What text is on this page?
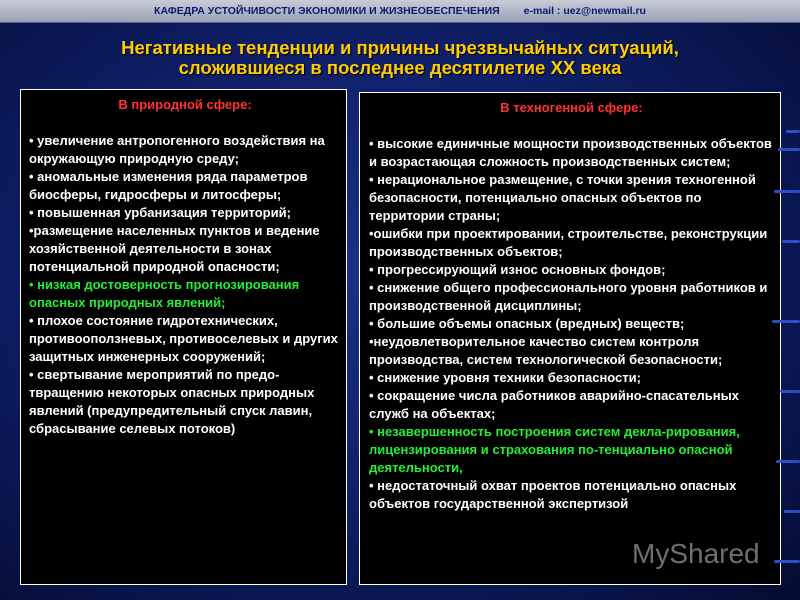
КАФЕДРА УСТОЙЧИВОСТИ ЭКОНОМИКИ И ЖИЗНЕОБЕСПЕЧЕНИЯ e-mail : uez@newmail.ru
Негативные тенденции и причины чрезвычайных ситуаций,
сложившиеся в последнее десятилетие XX века
В природной сфере:

• увеличение антропогенного воздействия на окружающую природную среду;

• аномальные изменения ряда параметров биосферы, гидросферы и литосферы;

• повышенная урбанизация территорий;

•размещение населенных пунктов и ведение хозяйственной деятельности в зонах потенциальной природной опасности;

• низкая достоверность прогнозирования опасных природных явлений;

• плохое состояние гидротехнических, противооползневых, противоселевых и других защитных инженерных сооружений;

• свертывание мероприятий по предо-твращению некоторых опасных природных явлений (предупредительный спуск лавин, сбрасывание селевых потоков)

В техногенной сфере:

• высокие единичные мощности производственных объектов и возрастающая сложность производственных систем;

• нерациональное размещение, с точки зрения техногенной безопасности, потенциально опасных объектов по территории страны;

•ошибки при проектировании, строительстве, реконструкции производственных объектов;

• прогрессирующий износ основных фондов;

• снижение общего профессионального уровня работников и производственной дисциплины;

• большие объемы опасных (вредных) веществ;

•неудовлетворительное качество систем контроля производства, систем технологической безопасности;

• снижение уровня техники безопасности;

• сокращение числа работников аварийно-спасательных служб на объектах;

• незавершенность построения систем декла-рирования, лицензирования и страхования по-тенциально опасной деятельности,

• недостаточный охват проектов потенциально опасных объектов государственной экспертизой

MyShared
